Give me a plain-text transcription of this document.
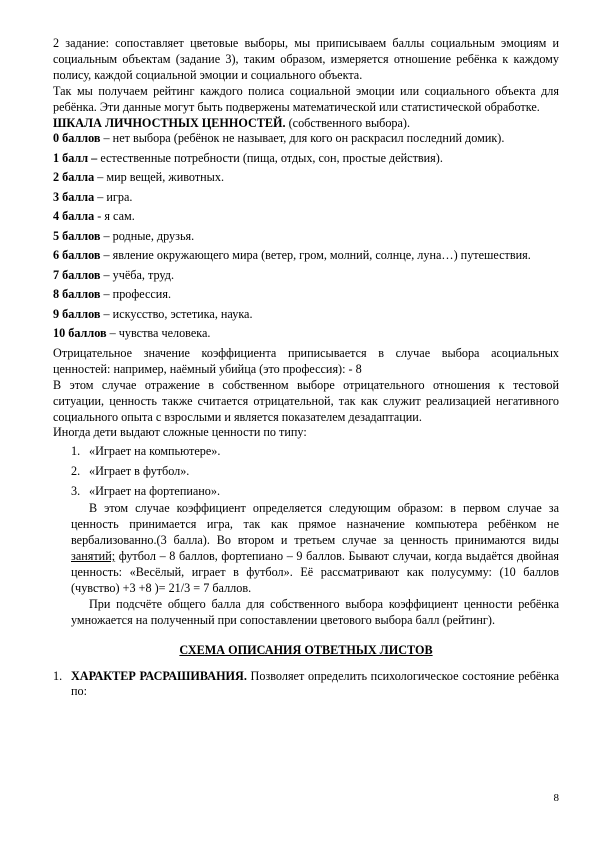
2 задание: сопоставляет цветовые выборы, мы приписываем баллы социальным эмоциям и социальным объектам (задание 3), таким образом, измеряется отношение ребёнка к каждому полису, каждой социальной эмоции и социального объекта.

Так мы получаем рейтинг каждого полиса социальной эмоции или социального объекта для ребёнка. Эти данные могут быть подвержены математической или статистической обработке.

ШКАЛА ЛИЧНОСТНЫХ ЦЕННОСТЕЙ. (собственного выбора).

0 баллов – нет выбора (ребёнок не называет, для кого он раскрасил последний домик).

1 балл – естественные потребности (пища, отдых, сон, простые действия).

2 балла – мир вещей, животных.

3 балла – игра.

4 балла - я сам.

5 баллов – родные, друзья.

6 баллов – явление окружающего мира (ветер, гром, молний, солнце, луна…) путешествия.

7 баллов – учёба, труд.

8 баллов – профессия.

9 баллов – искусство, эстетика, наука.

10 баллов – чувства человека.

Отрицательное значение коэффициента приписывается в случае выбора асоциальных ценностей: например, наёмный убийца (это профессия): - 8

В этом случае отражение в собственном выборе отрицательного отношения к тестовой ситуации, ценность также считается отрицательной, так как служит реализацией негативного социального опыта с взрослыми и является показателем дезадаптации.

Иногда дети выдают сложные ценности по типу:

1. «Играет на компьютере».
2. «Играет в футбол».
3. «Играет на фортепиано».

В этом случае коэффициент определяется следующим образом: в первом случае за ценность принимается игра, так как прямое назначение компьютера ребёнком не вербализованно.(3 балла). Во втором и третьем случае за ценность принимаются виды занятий; футбол – 8 баллов, фортепиано – 9 баллов. Бывают случаи, когда выдаётся двойная ценность: «Весёлый, играет в футбол». Её рассматривают как полусумму: (10 баллов (чувство) +3 +8 )= 21/3 = 7 баллов.

При подсчёте общего балла для собственного выбора коэффициент ценности ребёнка умножается на полученный при сопоставлении цветового выбора балл (рейтинг).

СХЕМА ОПИСАНИЯ ОТВЕТНЫХ ЛИСТОВ

1. ХАРАКТЕР РАСРАШИВАНИЯ. Позволяет определить психологическое состояние ребёнка по:

8
